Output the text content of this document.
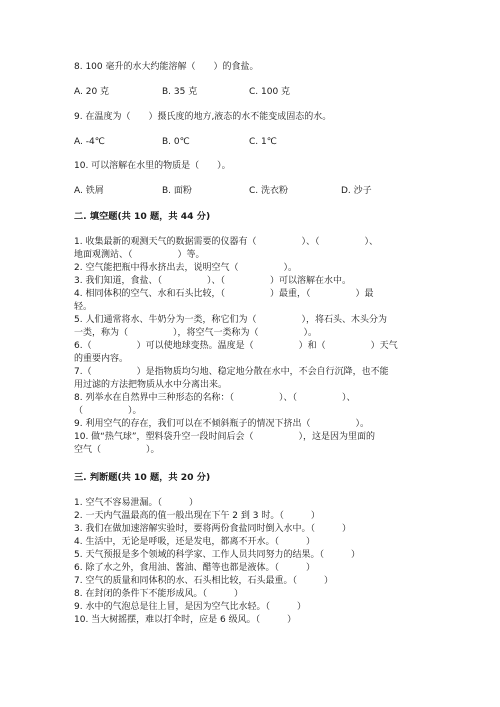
8. 100 毫升的水大约能溶解（　　）的食盐。
A. 20 克	B. 35 克	C. 100 克
9. 在温度为（　　）摄氏度的地方,液态的水不能变成固态的水。
A. -4℃	B. 0℃	C. 1℃
10. 可以溶解在水里的物质是（　　）。
A. 铁屑	B. 面粉	C. 洗衣粉	D. 沙子
二. 填空题(共 10 题，共 44 分)
1. 收集最新的观测天气的数据需要的仪器有（　　　　　）、（　　　　　）、
地面观测站、（　　　　　）等。
2. 空气能把瓶中得水挤出去，说明空气（　　　　　）。
3. 我们知道，食盐、（　　　　　）、（　　　　　）可以溶解在水中。
4. 相同体积的空气、水和石头比较，（　　　　　）最重，（　　　　　）最
轻。
5. 人们通常将水、牛奶分为一类，称它们为（　　　　　），将石头、木头分为
一类，称为（　　　　　），将空气一类称为（　　　　　）。
6.（　　　　　）可以使地球变热。温度是（　　　　　）和（　　　　　）天气
的重要内容。
7.（　　　　　）是指物质均匀地、稳定地分散在水中，不会自行沉降，也不能
用过滤的方法把物质从水中分离出来。
8. 列举水在自然界中三种形态的名称：（　　　　　）、（　　　　　）、
（　　　　　）。
9. 利用空气的存在，我们可以在不倾斜瓶子的情况下挤出（　　　　　）。
10. 做“热气球”，塑料袋升空一段时间后会（　　　　　），这是因为里面的
空气（　　　　　）。
三. 判断题(共 10 题，共 20 分)
1. 空气不容易泄漏。（　　　）
2. 一天内气温最高的值一般出现在下午 2 到 3 时。（　　　）
3. 我们在做加速溶解实验时，要将两份食盐同时倒入水中。（　　　）
4. 生活中，无论是呼吸，还是发电，都离不开水。（　　　）
5. 天气预报是多个领域的科学家、工作人员共同努力的结果。（　　　）
6. 除了水之外，食用油、酱油、醋等也都是液体。（　　　）
7. 空气的质量和同体积的水、石头相比较，石头最重。（　　　）
8. 在封闭的条件下不能形成风。（　　　）
9. 水中的气泡总是往上冒，是因为空气比水轻。（　　　）
10. 当大树摇摆，难以打伞时，应是 6 级风。（　　　）
